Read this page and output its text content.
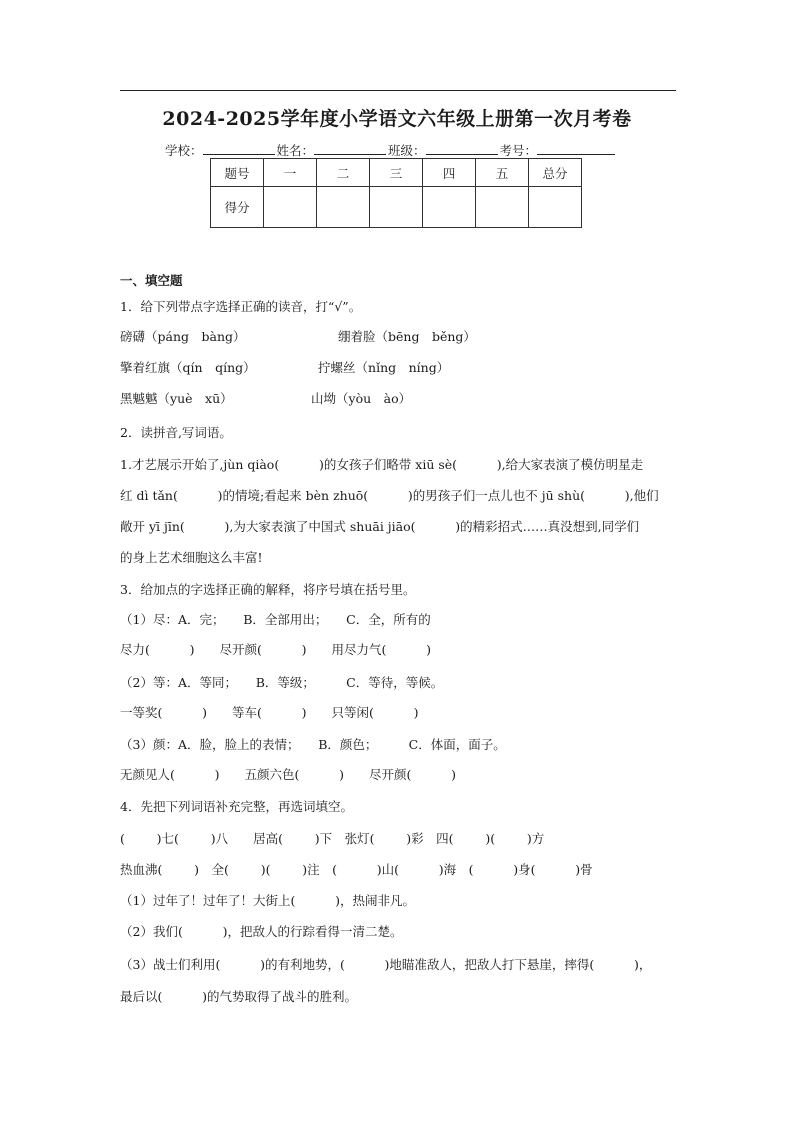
2024-2025学年度小学语文六年级上册第一次月考卷
学校：	姓名：	班级：	考号：
题号	一	二	三	四	五	总分
得分						
一、填空题
1．给下列带点字选择正确的读音，打“√”。
磅礴（páng　bàng）	绷着脸（bēng　běng）
擎着红旗（qín　qíng）	拧螺丝（nǐng　níng）
黑魆魆（yuè　xū）	山坳（yòu　ào）
2．读拼音,写词语。
1.才艺展示开始了,jùn qiào(          )的女孩子们略带 xiū sè(          ),给大家表演了模仿明星走
红 dì tǎn(          )的情境;看起来 bèn zhuō(          )的男孩子们一点儿也不 jū shù(          ),他们
敞开 yī jīn(          ),为大家表演了中国式 shuāi jiāo(          )的精彩招式……真没想到,同学们
的身上艺术细胞这么丰富!
3．给加点的字选择正确的解释，将序号填在括号里。
（1）尽：A．完；　　B．全部用出；　　C．全，所有的
尽力(          )　　尽开颜(          )　　用尽力气(          )
（2）等：A．等同；　　B．等级；　　　C．等待，等候。
一等奖(          )　　等车(          )　　只等闲(          )
（3）颜：A．脸，脸上的表情；　　B．颜色；　　　C．体面，面子。
无颜见人(          )　　五颜六色(          )　　尽开颜(          )
4．先把下列词语补充完整，再选词填空。
(        )七(        )八　　居高(        )下　张灯(        )彩　四(        )(        )方
热血沸(        )　全(        )(        )注　(          )山(          )海　(          )身(          )骨
（1）过年了！过年了！大街上(          )，热闹非凡。
（2）我们(          )，把敌人的行踪看得一清二楚。
（3）战士们利用(          )的有利地势，(          )地瞄准敌人，把敌人打下悬崖，摔得(          )，
最后以(          )的气势取得了战斗的胜利。
